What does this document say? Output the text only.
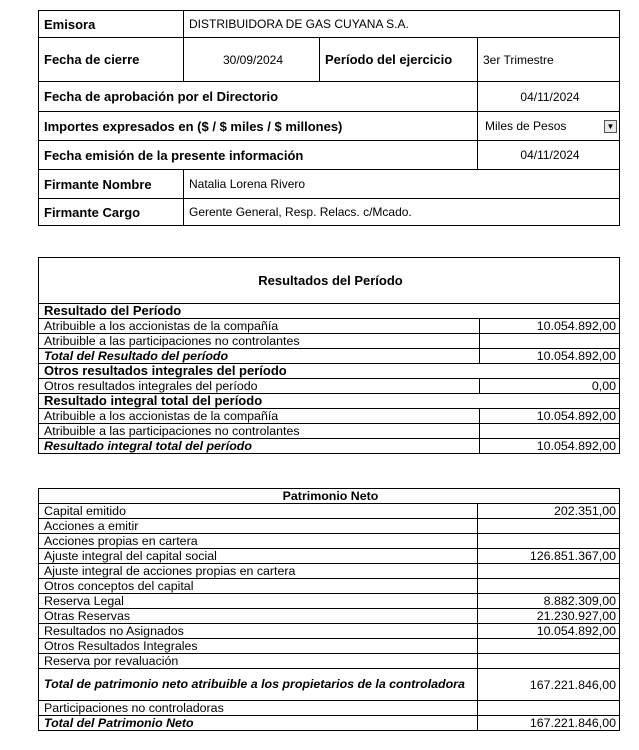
Emisora	DISTRIBUIDORA DE GAS CUYANA S.A.		
Fecha de cierre	30/09/2024	Período del ejercicio	3er Trimestre
Fecha de aprobación por el Directorio			04/11/2024
Importes expresados en ($ / $ miles / $ millones)			Miles de Pesos ▼

Fecha emisión de la presente información			04/11/2024
Firmante Nombre	Natalia Lorena Rivero		
Firmante Cargo	Gerente General, Resp. Relacs. c/Mcado.		
Resultados del Período	
Resultado del Período	
Atribuible a los accionistas de la compañía	10.054.892,00
Atribuible a las participaciones no controlantes	
Total del Resultado del período	10.054.892,00
Otros resultados integrales del período	
Otros resultados integrales del período	0,00
Resultado integral total del período	
Atribuible a los accionistas de la compañía	10.054.892,00
Atribuible a las participaciones no controlantes	
Resultado integral total del período	10.054.892,00
Patrimonio Neto	
Capital emitido	202.351,00
Acciones a emitir	
Acciones propias en cartera	
Ajuste integral del capital social	126.851.367,00
Ajuste integral de acciones propias en cartera	
Otros conceptos del capital	
Reserva Legal	8.882.309,00
Otras Reservas	21.230.927,00
Resultados no Asignados	10.054.892,00
Otros Resultados Integrales	
Reserva por revaluación	
Total de patrimonio neto atribuible a los propietarios de la controladora	167.221.846,00
Participaciones no controladoras	
Total del Patrimonio Neto	167.221.846,00
